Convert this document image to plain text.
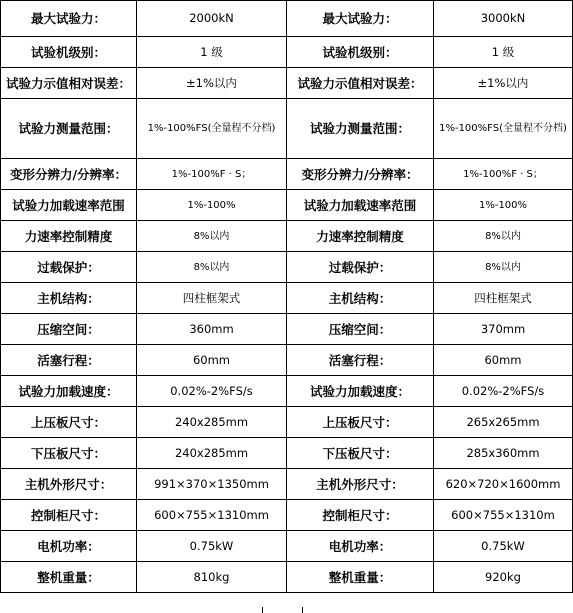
最大试验力：	2000kN	最大试验力：	3000kN
试验机级别：	1 级	试验机级别：	1 级
试验力示值相对误差：	±1%以内	试验力示值相对误差：	±1%以内
试验力测量范围：	1%-100%FS(全量程不分档)	试验力测量范围：	1%-100%FS(全量程不分档)
变形分辨力/分辨率：	1%-100%F · S；	变形分辨力/分辨率：	1%-100%F · S；
试验力加载速率范围	1%-100%	试验力加载速率范围	1%-100%
力速率控制精度	8%以内	力速率控制精度	8%以内
过载保护：	8%以内	过载保护：	8%以内
主机结构：	四柱框架式	主机结构：	四柱框架式
压缩空间：	360mm	压缩空间：	370mm
活塞行程：	60mm	活塞行程：	60mm
试验力加载速度：	0.02%-2%FS/s	试验力加载速度：	0.02%-2%FS/s
上压板尺寸：	240x285mm	上压板尺寸：	265x265mm
下压板尺寸：	240x285mm	下压板尺寸：	285x360mm
主机外形尺寸：	991×370×1350mm	主机外形尺寸：	620×720×1600mm
控制柜尺寸：	600×755×1310mm	控制柜尺寸：	600×755×1310m
电机功率：	0.75kW	电机功率：	0.75kW
整机重量：	810kg	整机重量：	920kg
